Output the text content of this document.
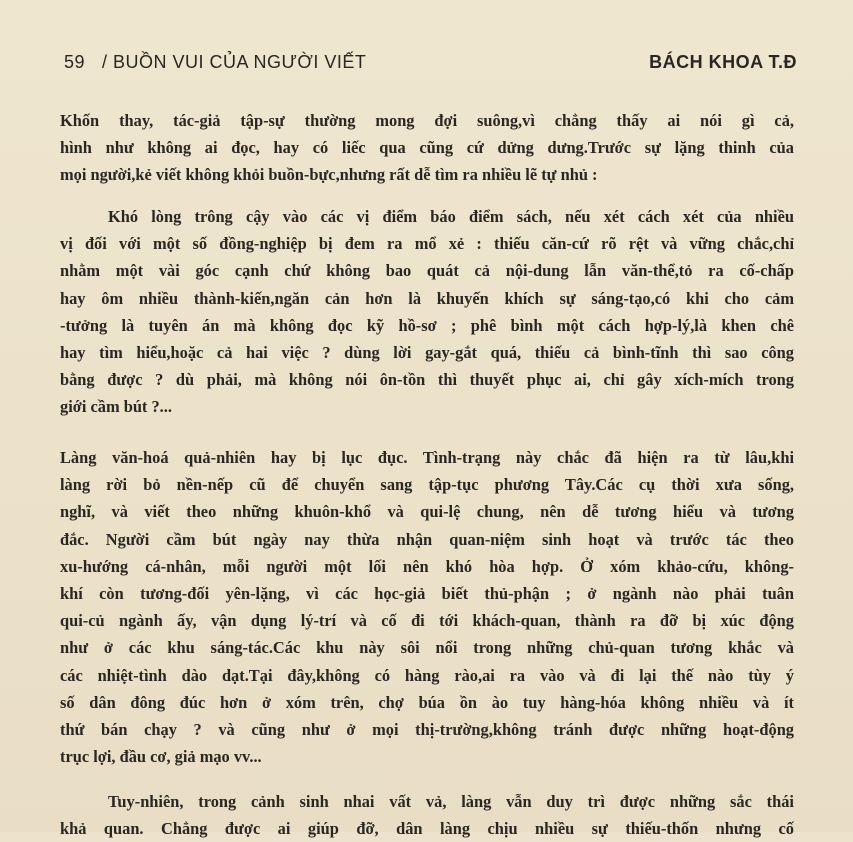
59 / BUỒN VUI CỦA NGƯỜI VIẾT	BÁCH KHOA T.Đ
Khốn thay, tác-giả tập-sự thường mong đợi suông,vì chẳng thấy ai nói gì cả,
hình như không ai đọc, hay có liếc qua cũng cứ dửng dưng.Trước sự lặng thinh của
mọi người,kẻ viết không khỏi buồn-bực,nhưng rất dễ tìm ra nhiều lẽ tự nhủ :
Khó lòng trông cậy vào các vị điểm báo điểm sách, nếu xét cách xét của nhiều
vị đối với một số đồng-nghiệp bị đem ra mổ xẻ : thiếu căn-cứ rõ rệt và vững chắc,chỉ
nhằm một vài góc cạnh chứ không bao quát cả nội-dung lẫn văn-thể,tỏ ra cố-chấp
hay ôm nhiều thành-kiến,ngăn cản hơn là khuyến khích sự sáng-tạo,có khi cho cảm
-tưởng là tuyên án mà không đọc kỹ hồ-sơ ; phê bình một cách hợp-lý,là khen chê
hay tìm hiểu,hoặc cả hai việc ? dùng lời gay-gắt quá, thiếu cả bình-tĩnh thì sao công
bằng được ? dù phải, mà không nói ôn-tồn thì thuyết phục ai, chỉ gây xích-mích trong
giới cầm bút ?...
Làng văn-hoá quả-nhiên hay bị lục đục. Tình-trạng này chắc đã hiện ra từ lâu,khi
làng rời bỏ nền-nếp cũ để chuyển sang tập-tục phương Tây.Các cụ thời xưa sống,
nghĩ, và viết theo những khuôn-khổ và qui-lệ chung, nên dễ tương hiểu và tương
đắc. Người cầm bút ngày nay thừa nhận quan-niệm sinh hoạt và trước tác theo
xu-hướng cá-nhân, mỗi người một lối nên khó hòa hợp. Ở xóm khảo-cứu, không-
khí còn tương-đối yên-lặng, vì các học-giả biết thủ-phận ; ở ngành nào phải tuân
qui-củ ngành ấy, vận dụng lý-trí và cố đi tới khách-quan, thành ra đỡ bị xúc động
như ở các khu sáng-tác.Các khu này sôi nổi trong những chủ-quan tương khắc và
các nhiệt-tình dào dạt.Tại đây,không có hàng rào,ai ra vào và đi lại thế nào tùy ý
số dân đông đúc hơn ở xóm trên, chợ búa ồn ào tuy hàng-hóa không nhiều và ít
thứ bán chạy ? và cũng như ở mọi thị-trường,không tránh được những hoạt-động
trục lợi, đầu cơ, giả mạo vv...
Tuy-nhiên, trong cảnh sinh nhai vất vả, làng vẫn duy trì được những sắc thái
khả quan. Chẳng được ai giúp đỡ, dân làng chịu nhiều sự thiếu-thốn nhưng cố
